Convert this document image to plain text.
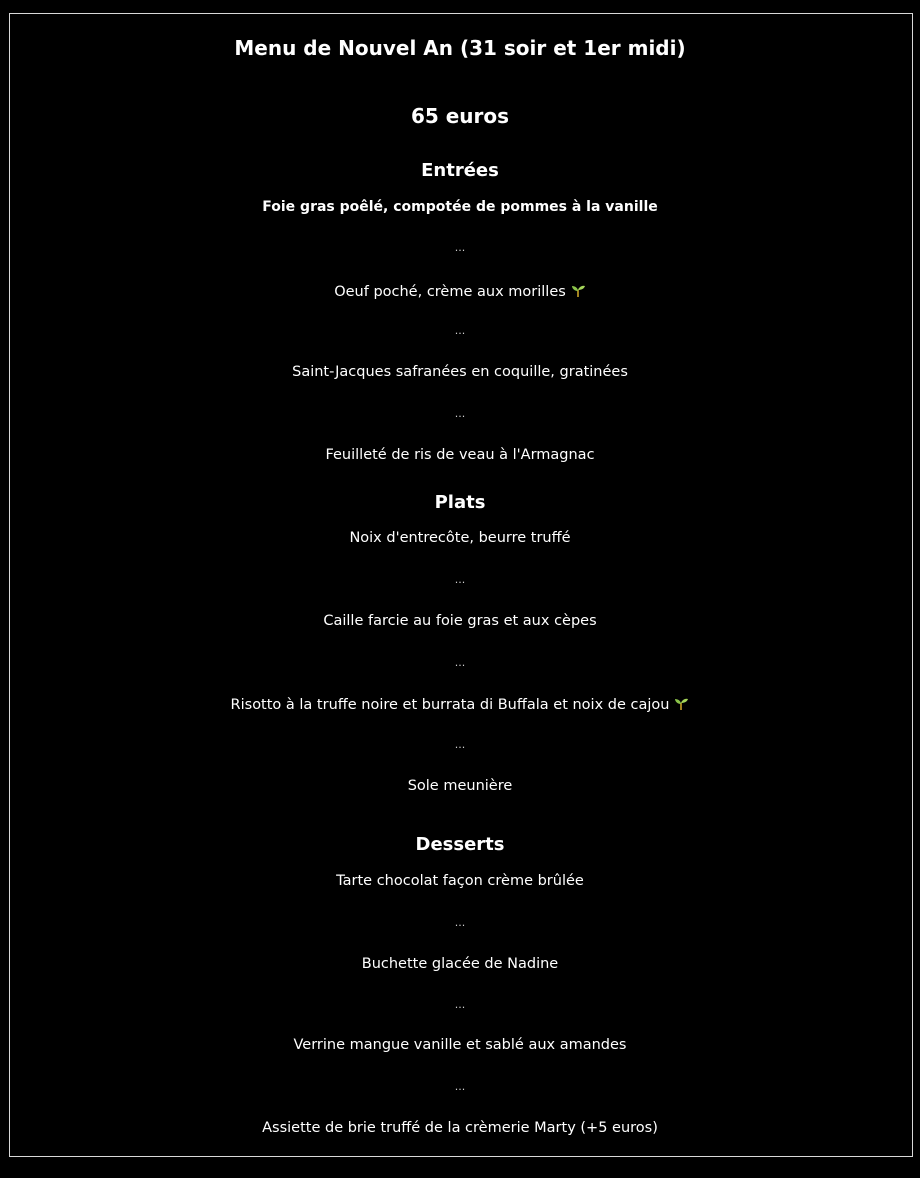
Menu de Nouvel An (31 soir et 1er midi)
65 euros
Entrées
Foie gras poêlé, compotée de pommes à la vanille
...
Oeuf poché, crème aux morilles
...
Saint-Jacques safranées en coquille, gratinées
...
Feuilleté de ris de veau à l'Armagnac
Plats
Noix d'entrecôte, beurre truffé
...
Caille farcie au foie gras et aux cèpes
...
Risotto à la truffe noire et burrata di Buffala et noix de cajou
...
Sole meunière
Desserts
Tarte chocolat façon crème brûlée
...
Buchette glacée de Nadine
...
Verrine mangue vanille et sablé aux amandes
...
Assiette de brie truffé de la crèmerie Marty (+5 euros)
